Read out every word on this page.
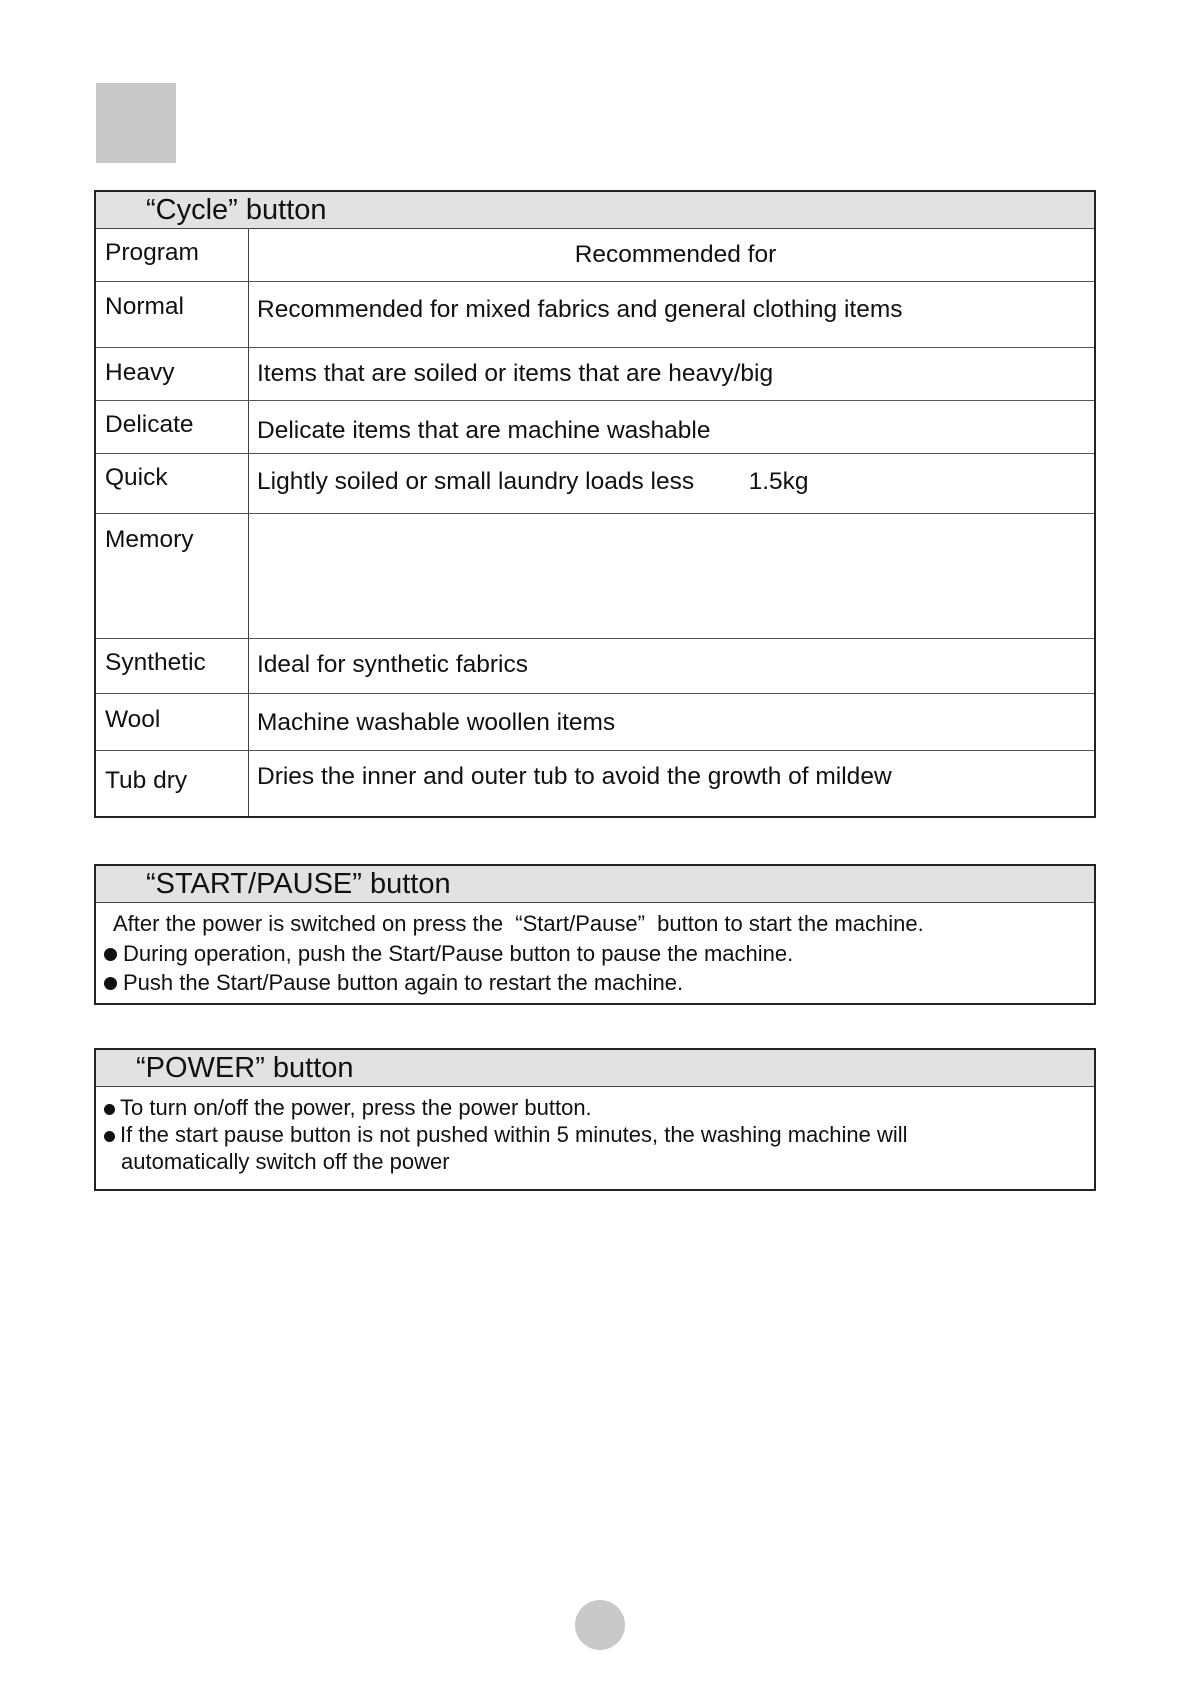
“Cycle” button
Program	Recommended for

Normal	Recommended for mixed fabrics and general clothing items

Heavy	Items that are soiled or items that are heavy/big

Delicate	Delicate items that are machine washable

Quick	Lightly soiled or small laundry loads less        1.5kg

Memory	

Synthetic	Ideal for synthetic fabrics

Wool	Machine washable woollen items

Tub dry	Dries the inner and outer tub to avoid the growth of mildew
“START/PAUSE” button
After the power is switched on press the  “Start/Pause”  button to start the machine.
During operation, push the Start/Pause button to pause the machine.
Push the Start/Pause button again to restart the machine.
“POWER” button
To turn on/off the power, press the power button.
If the start pause button is not pushed within 5 minutes, the washing machine will
automatically switch off the power
